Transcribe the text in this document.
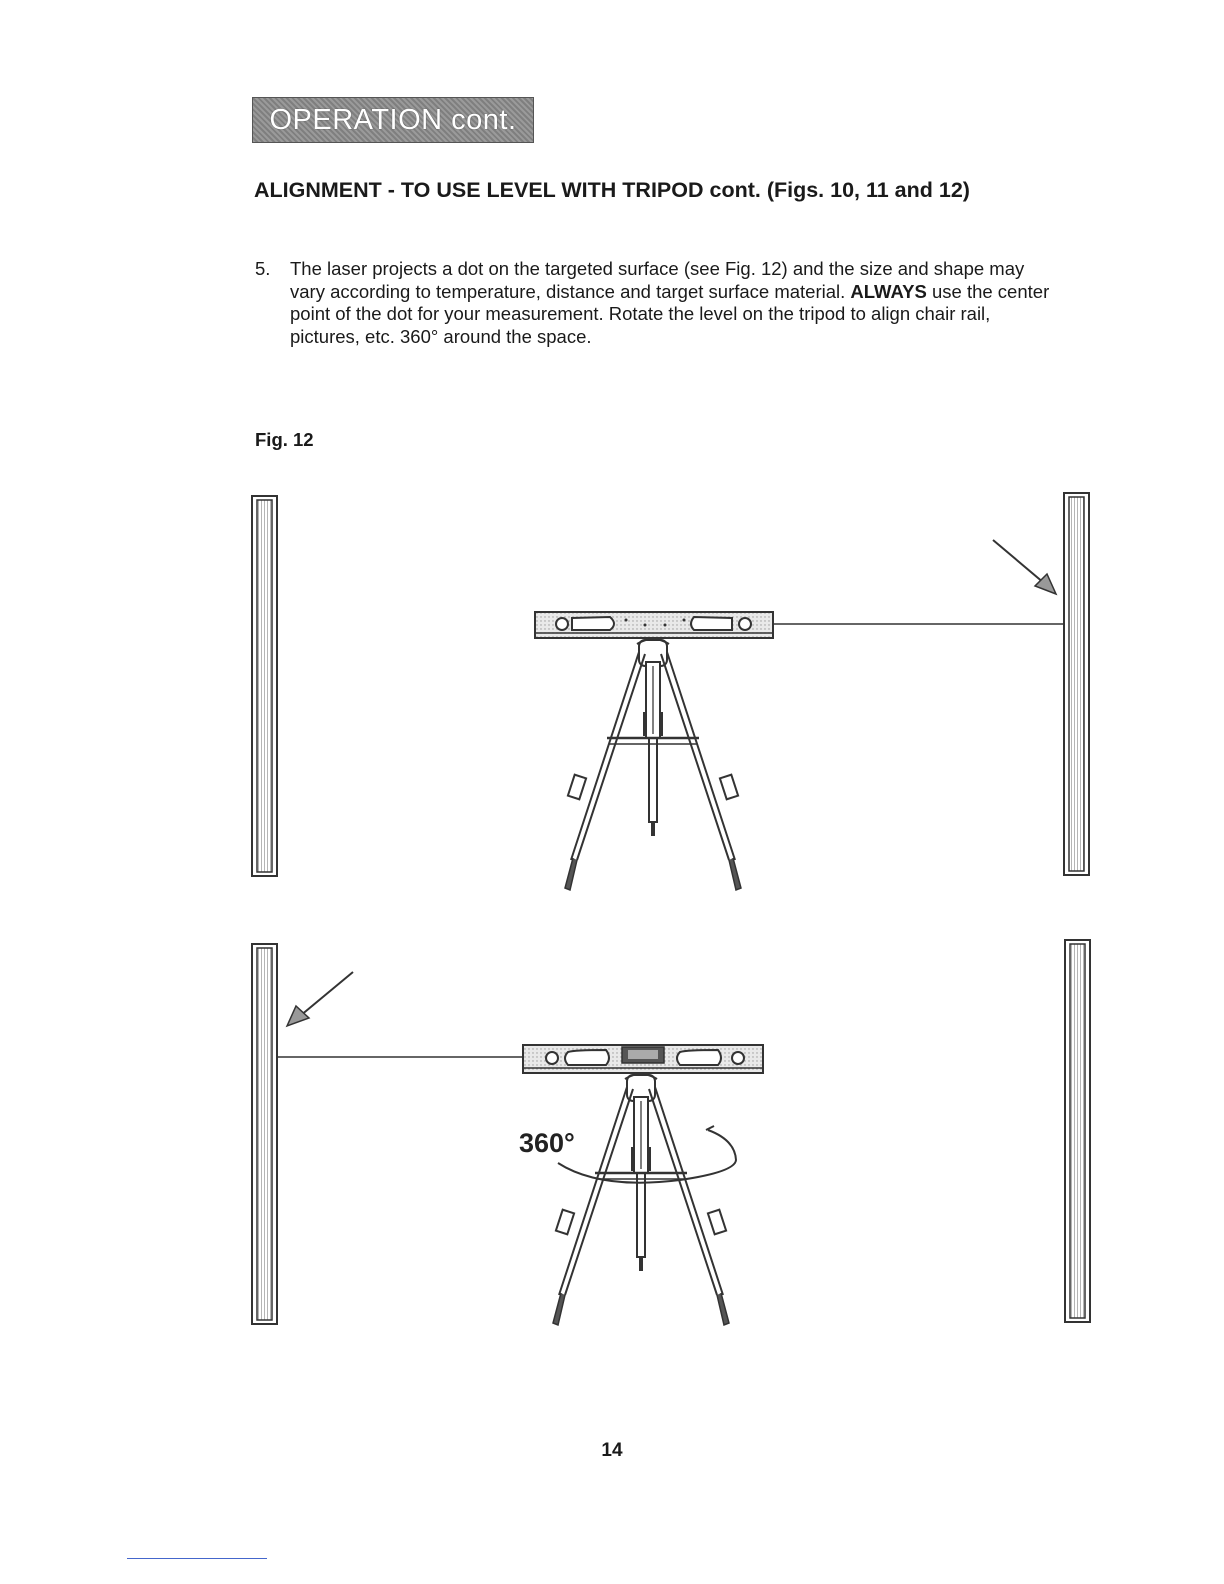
OPERATION cont.
ALIGNMENT - TO USE LEVEL WITH TRIPOD cont. (Figs. 10, 11 and 12)
5. The laser projects a dot on the targeted surface (see Fig. 12) and the size and shape may vary according to temperature, distance and target surface material. ALWAYS use the center point of the dot for your measurement. Rotate the level on the tripod to align chair rail, pictures, etc. 360° around the space.
Fig. 12
360°
14
